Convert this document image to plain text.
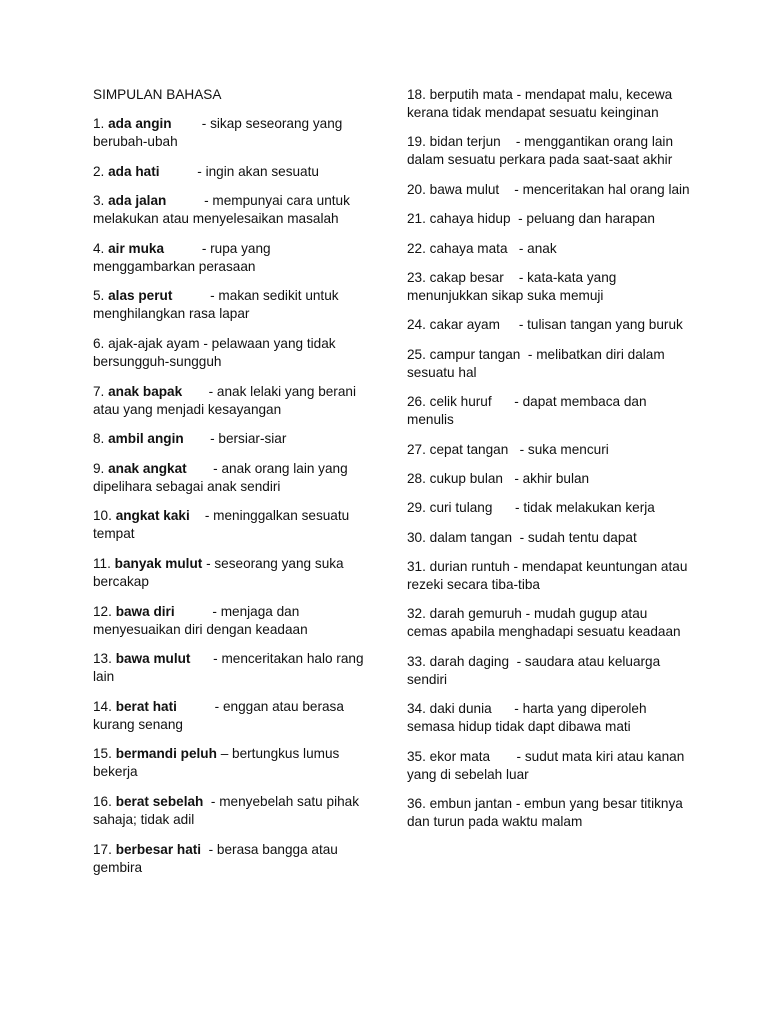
SIMPULAN BAHASA
1. ada angin - sikap seseorang yang berubah-ubah
2. ada hati	- ingin akan sesuatu
3. ada jalan	- mempunyai cara untuk melakukan atau menyelesaikan masalah
4. air muka	- rupa yang menggambarkan perasaan
5. alas perut	- makan sedikit untuk menghilangkan rasa lapar
6. ajak-ajak ayam - pelawaan yang tidak bersungguh-sungguh
7. anak bapak - anak lelaki yang berani atau yang menjadi kesayangan
8. ambil angin - bersiar-siar
9. anak angkat - anak orang lain yang dipelihara sebagai anak sendiri
10. angkat kaki - meninggalkan sesuatu tempat
11. banyak mulut - seseorang yang suka bercakap
12. bawa diri	- menjaga dan menyesuaikan diri dengan keadaan
13. bawa mulut - menceritakan halo rang lain
14. berat hati	- enggan atau berasa kurang senang
15. bermandi peluh – bertungkus lumus bekerja
16. berat sebelah - menyebelah satu pihak sahaja; tidak adil
17. berbesar hati - berasa bangga atau gembira
18. berputih mata - mendapat malu, kecewa kerana tidak mendapat sesuatu keinginan
19. bidan terjun    - menggantikan orang lain dalam sesuatu perkara pada saat-saat akhir
20. bawa mulut    - menceritakan hal orang lain
21. cahaya hidup  - peluang dan harapan
22. cahaya mata   - anak
23. cakap besar    - kata-kata yang menunjukkan sikap suka memuji
24. cakar ayam     - tulisan tangan yang buruk
25. campur tangan  - melibatkan diri dalam sesuatu hal
26. celik huruf      - dapat membaca dan menulis
27. cepat tangan   - suka mencuri
28. cukup bulan   - akhir bulan
29. curi tulang      - tidak melakukan kerja
30. dalam tangan  - sudah tentu dapat
31. durian runtuh - mendapat keuntungan atau rezeki secara tiba-tiba
32. darah gemuruh - mudah gugup atau cemas apabila menghadapi sesuatu keadaan
33. darah daging  - saudara atau keluarga sendiri
34. daki dunia      - harta yang diperoleh semasa hidup tidak dapt dibawa mati
35. ekor mata       - sudut mata kiri atau kanan yang di sebelah luar
36. embun jantan - embun yang besar titiknya dan turun pada waktu malam
